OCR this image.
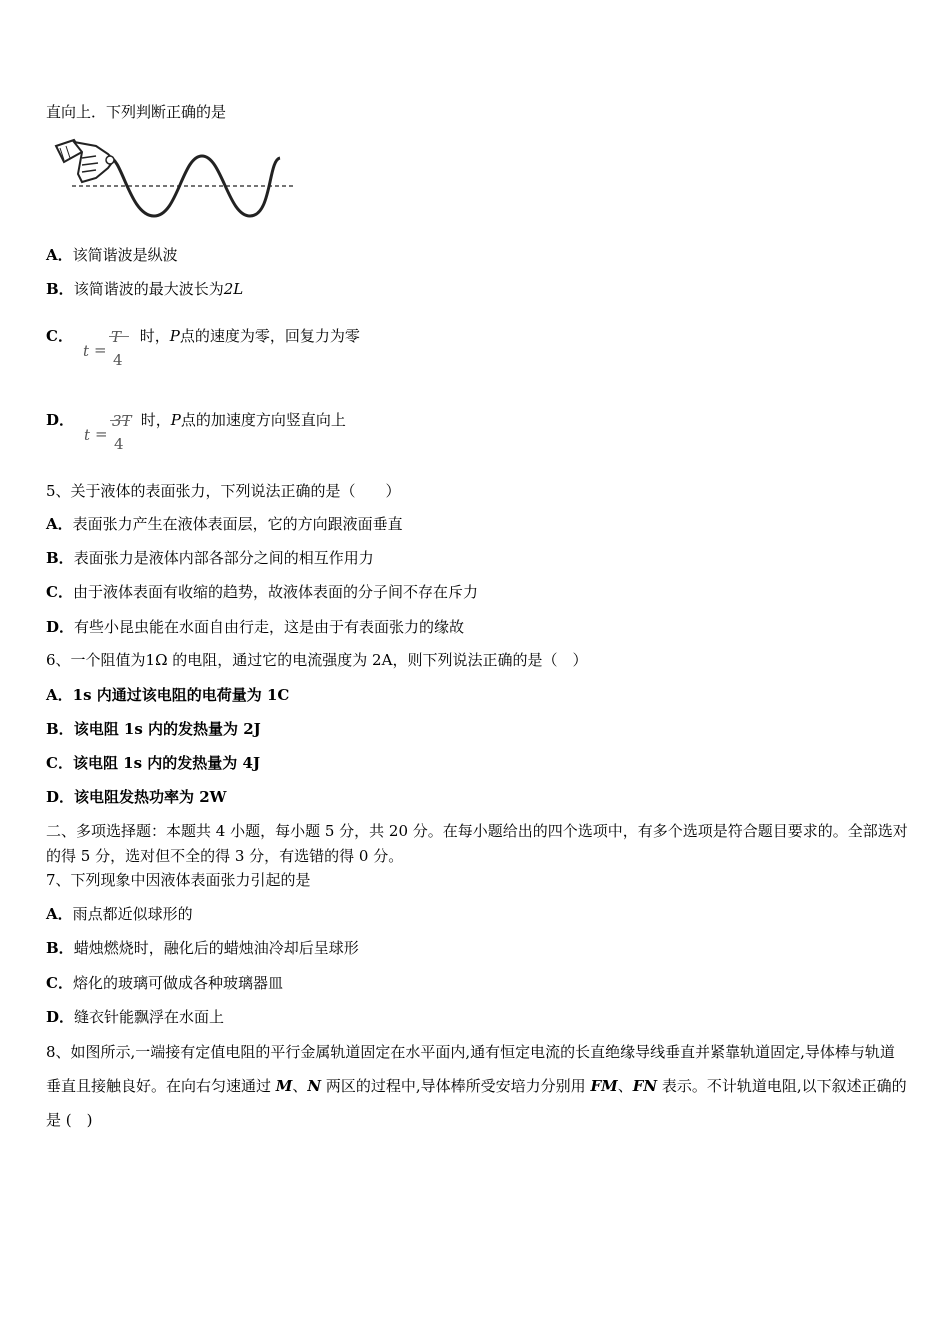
直向上．下列判断正确的是
A．该简谐波是纵波
B．该简谐波的最大波长为2L
C．
t =
T
4
时，P点的速度为零，回复力为零
D．
t =
3T
4
时，P点的加速度方向竖直向上
5、关于液体的表面张力，下列说法正确的是（　　）
A．表面张力产生在液体表面层，它的方向跟液面垂直
B．表面张力是液体内部各部分之间的相互作用力
C．由于液体表面有收缩的趋势，故液体表面的分子间不存在斥力
D．有些小昆虫能在水面自由行走，这是由于有表面张力的缘故
6、一个阻值为1Ω 的电阻，通过它的电流强度为 2A，则下列说法正确的是（　）
A．1s 内通过该电阻的电荷量为 1C
B．该电阻 1s 内的发热量为 2J
C．该电阻 1s 内的发热量为 4J
D．该电阻发热功率为 2W
二、多项选择题：本题共 4 小题，每小题 5 分，共 20 分。在每小题给出的四个选项中，有多个选项是符合题目要求的。全部选对的得 5 分，选对但不全的得 3 分，有选错的得 0 分。
7、下列现象中因液体表面张力引起的是
A．雨点都近似球形的
B．蜡烛燃烧时，融化后的蜡烛油冷却后呈球形
C．熔化的玻璃可做成各种玻璃器皿
D．缝衣针能飘浮在水面上
8、如图所示,一端接有定值电阻的平行金属轨道固定在水平面内,通有恒定电流的长直绝缘导线垂直并紧靠轨道固定,导体棒与轨道垂直且接触良好。在向右匀速通过 M、N 两区的过程中,导体棒所受安培力分别用 FM、FN 表示。不计轨道电阻,以下叙述正确的是 (　)
